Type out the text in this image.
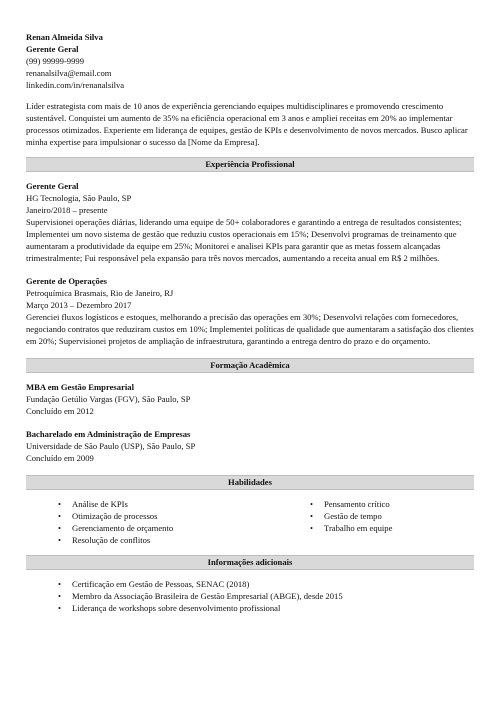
Renan Almeida Silva

Gerente Geral

(99) 99999-9999

renanalsilva@email.com

linkedin.com/in/renanalsilva

Líder estrategista com mais de 10 anos de experiência gerenciando equipes multidisciplinares e promovendo crescimento sustentável. Conquistei um aumento de 35% na eficiência operacional em 3 anos e ampliei receitas em 20% ao implementar processos otimizados. Experiente em liderança de equipes, gestão de KPIs e desenvolvimento de novos mercados. Busco aplicar minha expertise para impulsionar o sucesso da [Nome da Empresa].

Experiência Profissional

Gerente Geral

HG Tecnologia, São Paulo, SP

Janeiro/2018 – presente

Supervisionei operações diárias, liderando uma equipe de 50+ colaboradores e garantindo a entrega de resultados consistentes; Implementei um novo sistema de gestão que reduziu custos operacionais em 15%; Desenvolvi programas de treinamento que aumentaram a produtividade da equipe em 25%; Monitorei e analisei KPIs para garantir que as metas fossem alcançadas trimestralmente; Fui responsável pela expansão para três novos mercados, aumentando a receita anual em R$ 2 milhões.

Gerente de Operações

Petroquímica Brasmais, Rio de Janeiro, RJ

Março 2013 – Dezembro 2017

Gerenciei fluxos logísticos e estoques, melhorando a precisão das operações em 30%; Desenvolvi relações com fornecedores, negociando contratos que reduziram custos em 10%; Implementei políticas de qualidade que aumentaram a satisfação dos clientes em 20%; Supervisionei projetos de ampliação de infraestrutura, garantindo a entrega dentro do prazo e do orçamento.

Formação Acadêmica

MBA em Gestão Empresarial

Fundação Getúlio Vargas (FGV), São Paulo, SP

Concluído em 2012

Bacharelado em Administração de Empresas

Universidade de São Paulo (USP), São Paulo, SP

Concluído em 2009

Habilidades
• Análise de KPIs
• Otimização de processos
• Gerenciamento de orçamento
• Resolução de conflitos
• Pensamento crítico
• Gestão de tempo
• Trabalho em equipe
Informações adicionais
• Certificação em Gestão de Pessoas, SENAC (2018)
• Membro da Associação Brasileira de Gestão Empresarial (ABGE), desde 2015
• Liderança de workshops sobre desenvolvimento profissional
